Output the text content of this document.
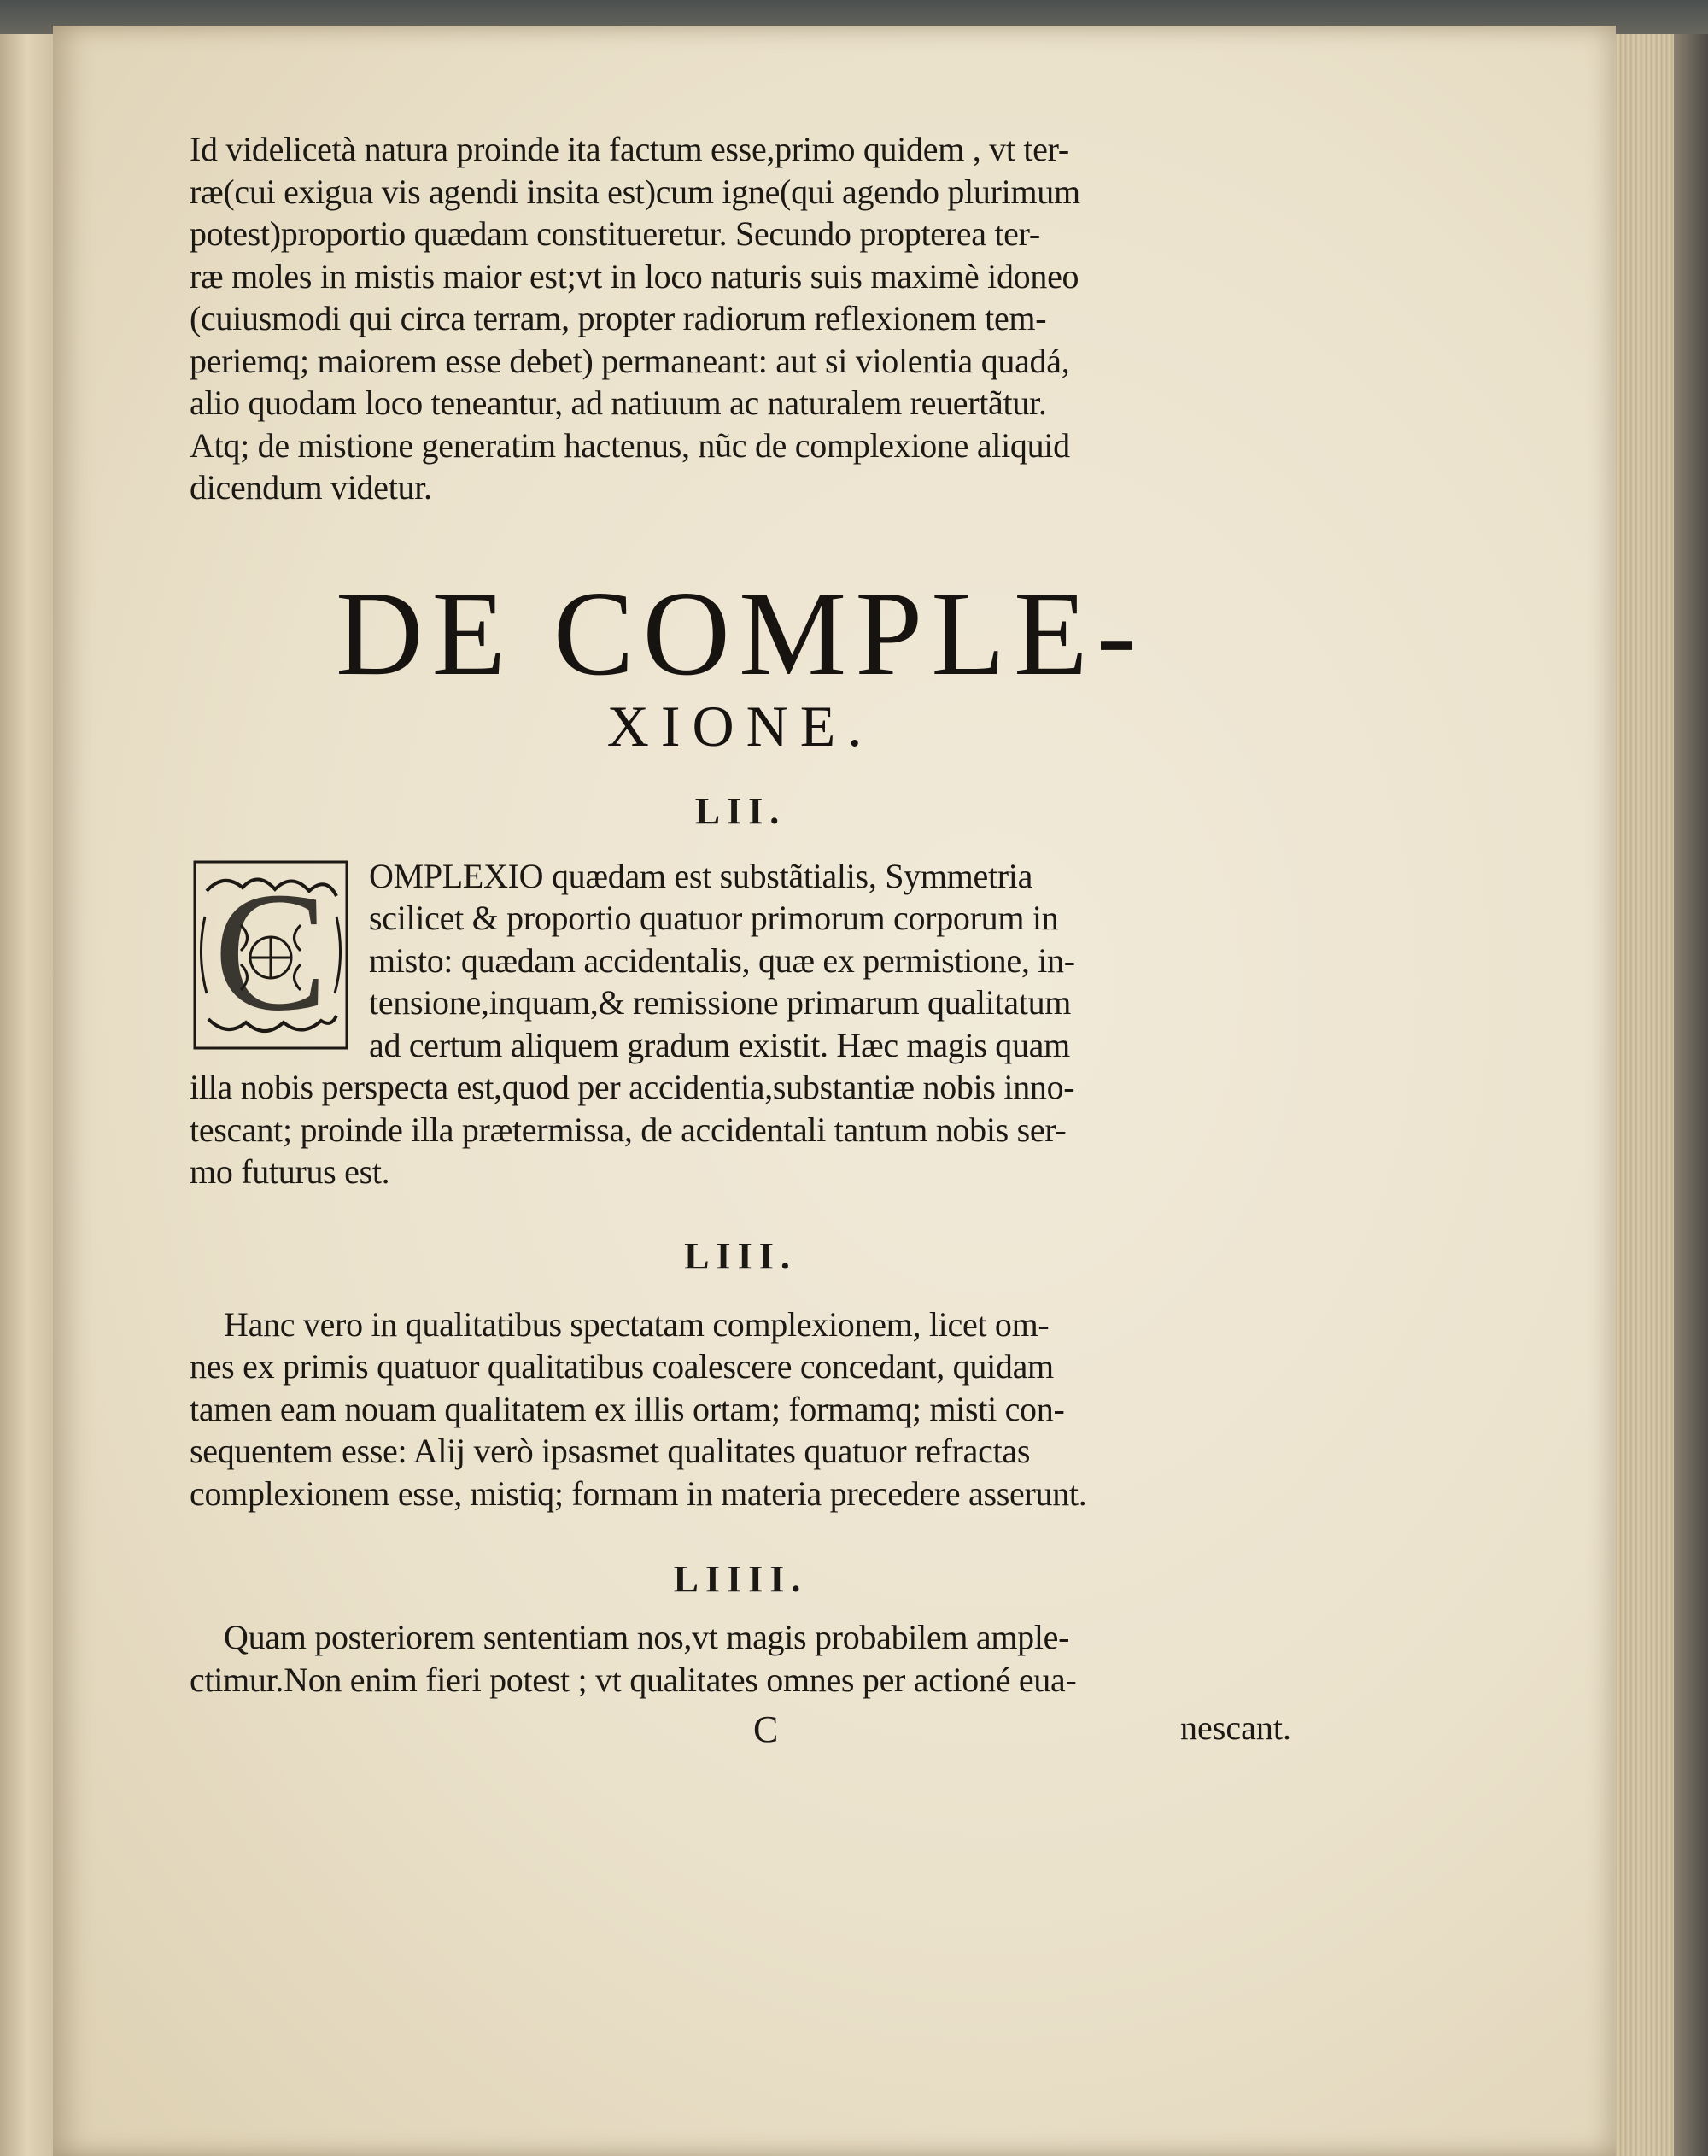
Id videlicetà natura proinde ita factum esse,primo quidem , vt ter-
ræ(cui exigua vis agendi insita est)cum igne(qui agendo plurimum
potest)proportio quædam constitueretur. Secundo propterea ter-
ræ moles in mistis maior est;vt in loco naturis suis maximè idoneo
(cuiusmodi qui circa terram, propter radiorum reflexionem tem-
periemq; maiorem esse debet) permaneant: aut si violentia quadá,
alio quodam loco teneantur, ad natiuum ac naturalem reuertãtur.
Atq; de mistione generatim hactenus, nũc de complexione aliquid
dicendum videtur.

DE COMPLE-
XIONE.
LII.
C	OMPLEXIO quædam est substãtialis, Symmetria
scilicet & proportio quatuor primorum corporum in
misto: quædam accidentalis, quæ ex permistione, in-
tensione,inquam,& remissione primarum qualitatum
ad certum aliquem gradum existit. Hæc magis quam
illa nobis perspecta est,quod per accidentia,substantiæ nobis inno-
tescant; proinde illa prætermissa, de accidentali tantum nobis ser-
mo futurus est.

LIII.

Hanc vero in qualitatibus spectatam complexionem, licet om-
nes ex primis quatuor qualitatibus coalescere concedant, quidam
tamen eam nouam qualitatem ex illis ortam; formamq; misti con-
sequentem esse: Alij verò ipsasmet qualitates quatuor refractas
complexionem esse, mistiq; formam in materia precedere asserunt.

LIIII.

Quam posteriorem sententiam nos,vt magis probabilem ample-
ctimur.Non enim fieri potest ; vt qualitates omnes per actioné eua-

C	nescant.
